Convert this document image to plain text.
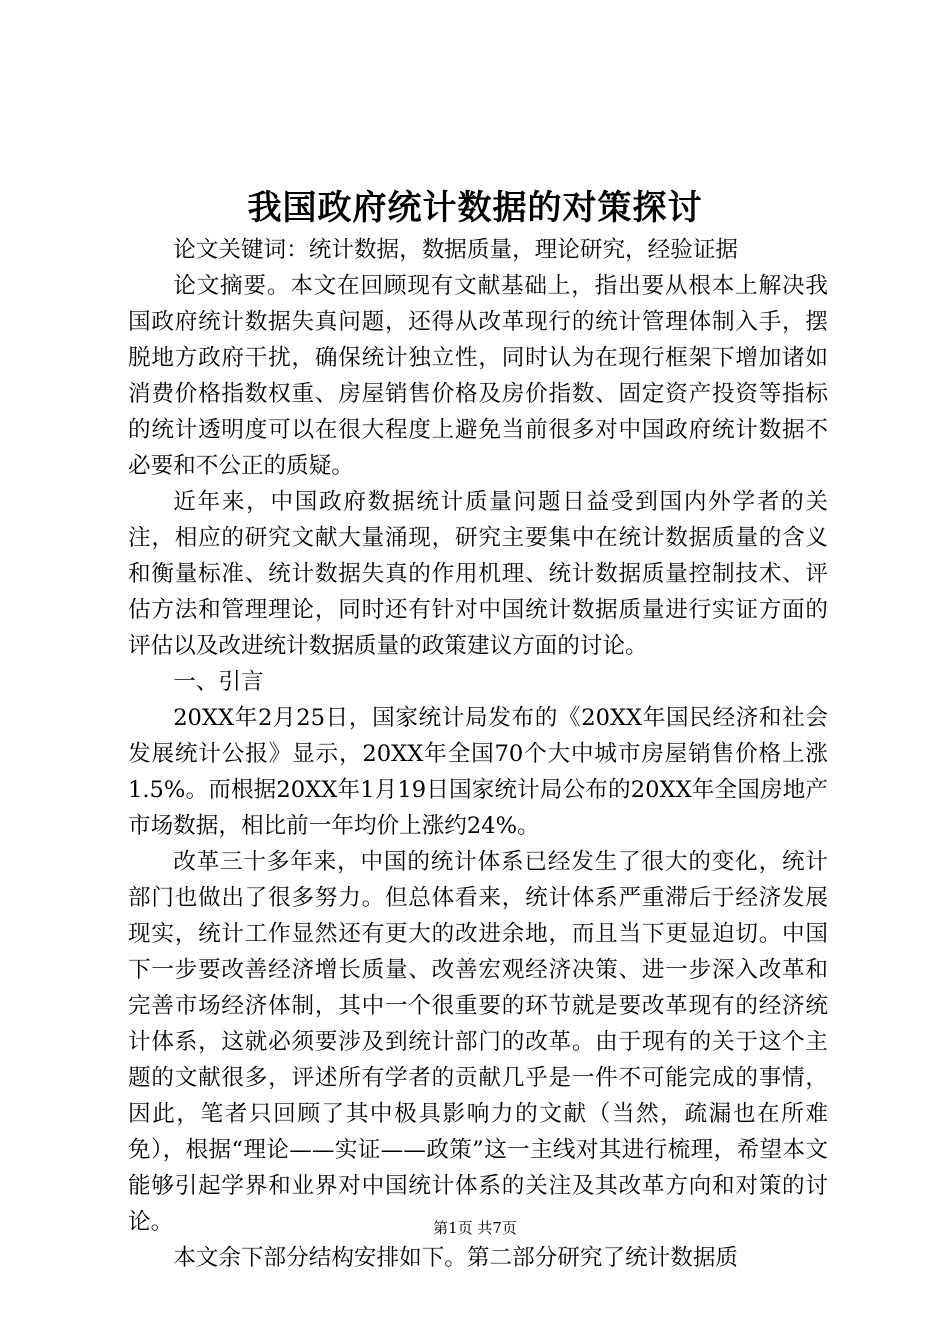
我国政府统计数据的对策探讨

论文关键词：统计数据，数据质量，理论研究，经验证据

论文摘要。本文在回顾现有文献基础上，指出要从根本上解决我国政府统计数据失真问题，还得从改革现行的统计管理体制入手，摆脱地方政府干扰，确保统计独立性，同时认为在现行框架下增加诸如消费价格指数权重、房屋销售价格及房价指数、固定资产投资等指标的统计透明度可以在很大程度上避免当前很多对中国政府统计数据不必要和不公正的质疑。

近年来，中国政府数据统计质量问题日益受到国内外学者的关注，相应的研究文献大量涌现，研究主要集中在统计数据质量的含义和衡量标准、统计数据失真的作用机理、统计数据质量控制技术、评估方法和管理理论，同时还有针对中国统计数据质量进行实证方面的评估以及改进统计数据质量的政策建议方面的讨论。

一、引言

20XX年2月25日，国家统计局发布的《20XX年国民经济和社会发展统计公报》显示，20XX年全国70个大中城市房屋销售价格上涨1.5%。而根据20XX年1月19日国家统计局公布的20XX年全国房地产市场数据，相比前一年均价上涨约24%。

改革三十多年来，中国的统计体系已经发生了很大的变化，统计部门也做出了很多努力。但总体看来，统计体系严重滞后于经济发展现实，统计工作显然还有更大的改进余地，而且当下更显迫切。中国下一步要改善经济增长质量、改善宏观经济决策、进一步深入改革和完善市场经济体制，其中一个很重要的环节就是要改革现有的经济统计体系，这就必须要涉及到统计部门的改革。由于现有的关于这个主题的文献很多，评述所有学者的贡献几乎是一件不可能完成的事情，因此，笔者只回顾了其中极具影响力的文献（当然，疏漏也在所难免），根据“理论——实证——政策”这一主线对其进行梳理，希望本文能够引起学界和业界对中国统计体系的关注及其改革方向和对策的讨论。

本文余下部分结构安排如下。第二部分研究了统计数据质

第1页 共7页
